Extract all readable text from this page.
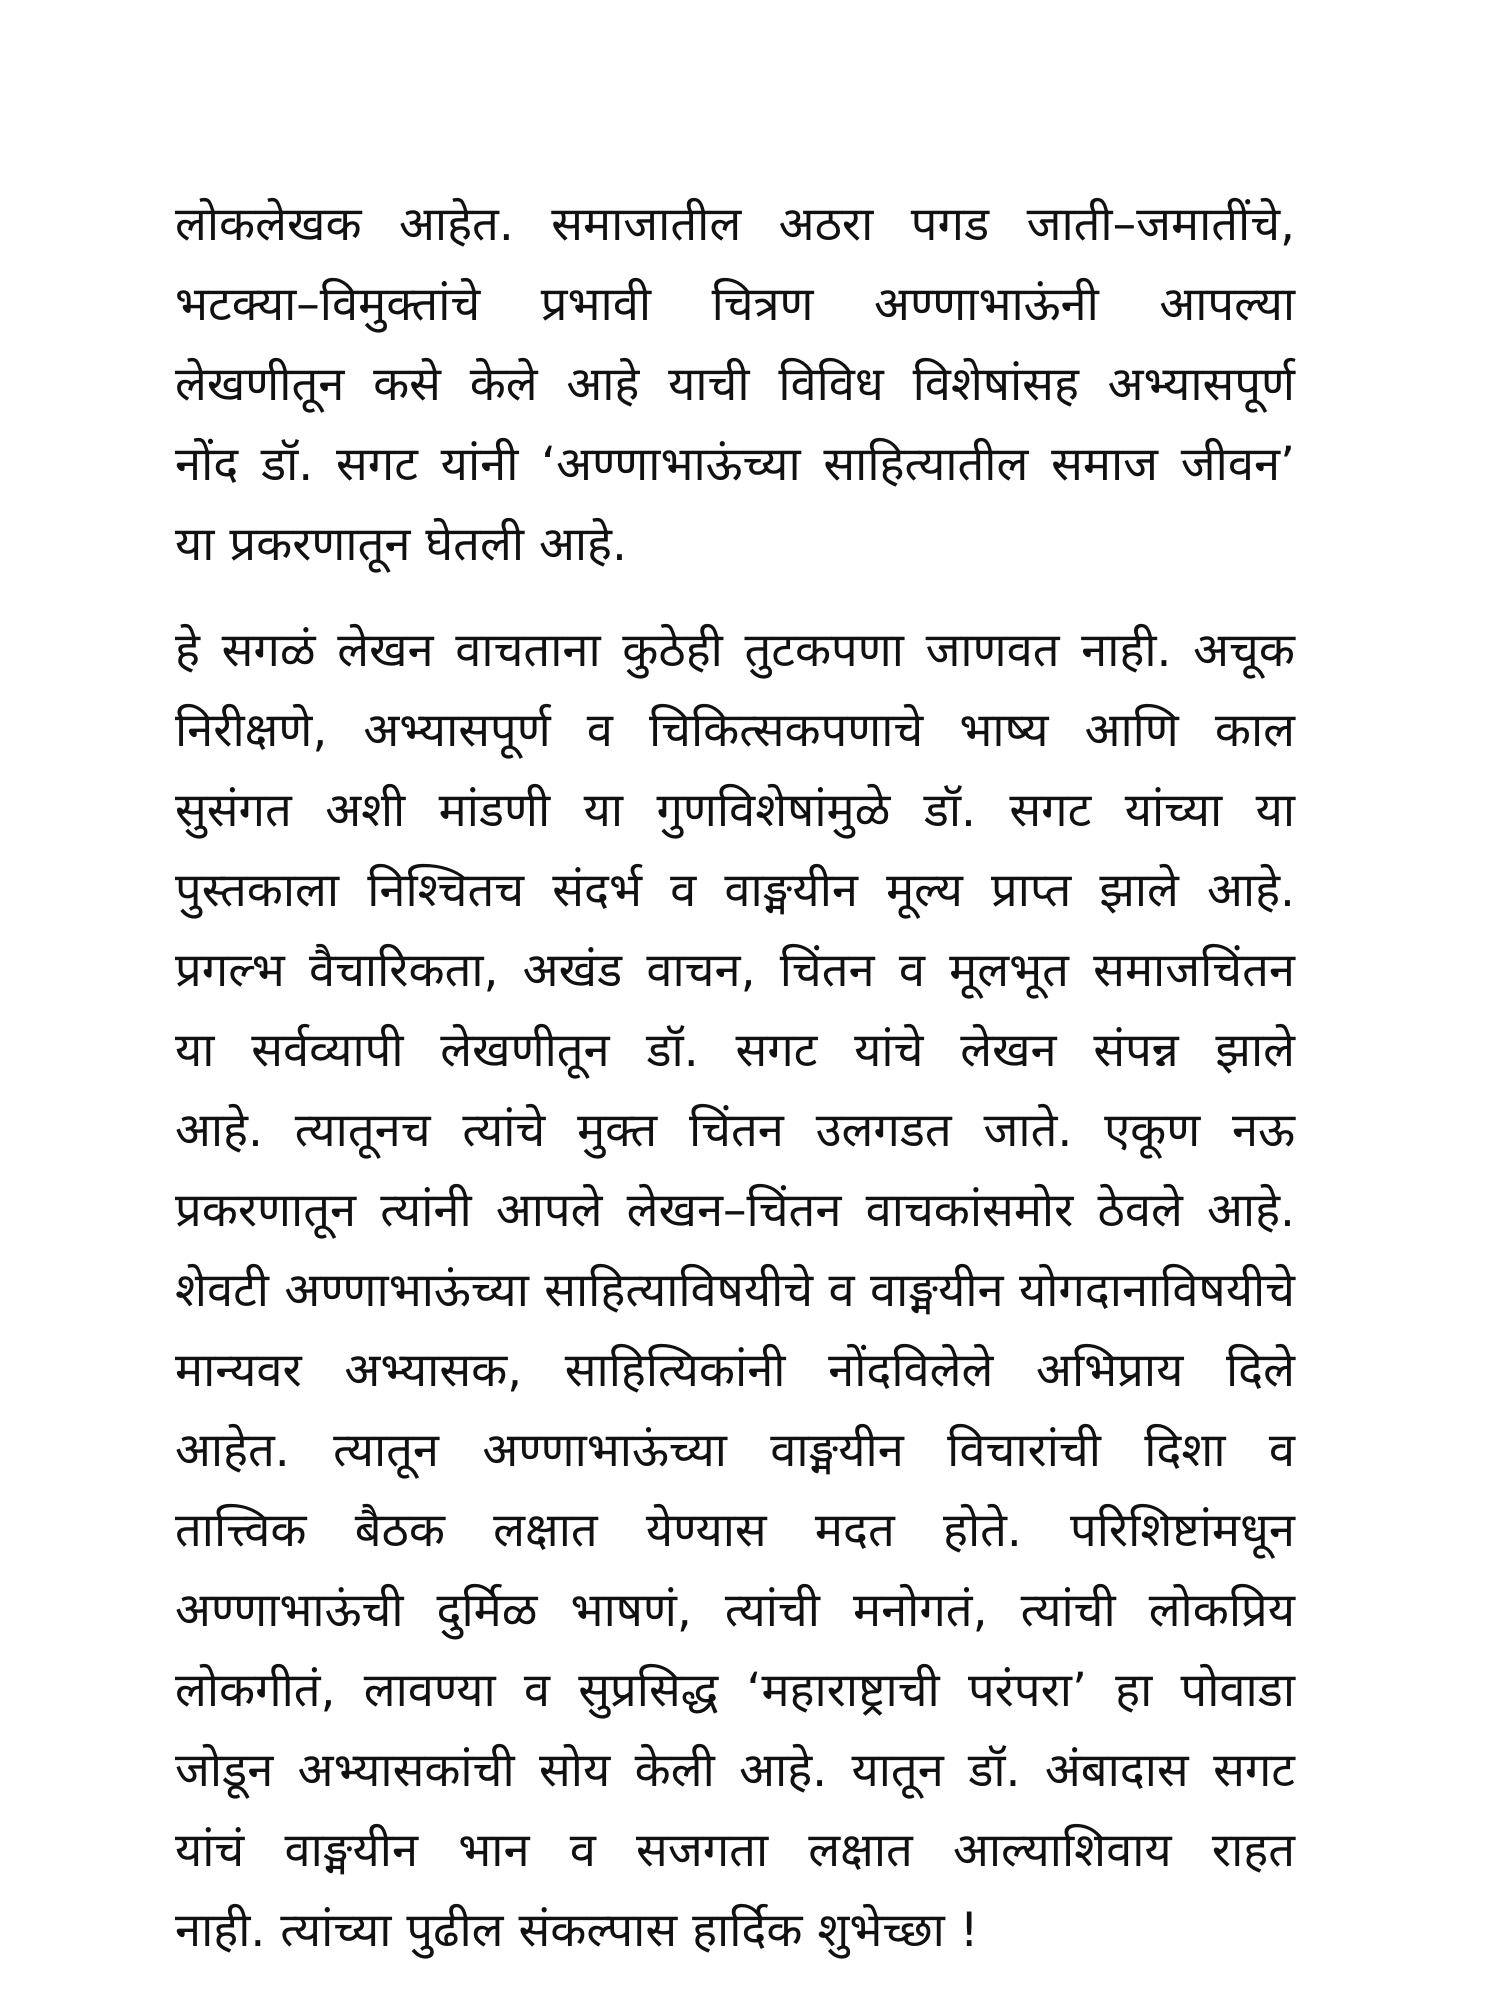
लोकलेखक आहेत. समाजातील अठरा पगड जाती–जमातींचे,
भटक्या–विमुक्तांचे प्रभावी चित्रण अण्णाभाऊंनी आपल्या
लेखणीतून कसे केले आहे याची विविध विशेषांसह अभ्यासपूर्ण
नोंद डॉ. सगट यांनी ‘अण्णाभाऊंच्या साहित्यातील समाज जीवन’
या प्रकरणातून घेतली आहे.

हे सगळं लेखन वाचताना कुठेही तुटकपणा जाणवत नाही. अचूक
निरीक्षणे, अभ्यासपूर्ण व चिकित्सकपणाचे भाष्य आणि काल
सुसंगत अशी मांडणी या गुणविशेषांमुळे डॉ. सगट यांच्या या
पुस्तकाला निश्चितच संदर्भ व वाङ्मयीन मूल्य प्राप्त झाले आहे.
प्रगल्भ वैचारिकता, अखंड वाचन, चिंतन व मूलभूत समाजचिंतन
या सर्वव्यापी लेखणीतून डॉ. सगट यांचे लेखन संपन्न झाले
आहे. त्यातूनच त्यांचे मुक्त चिंतन उलगडत जाते. एकूण नऊ
प्रकरणातून त्यांनी आपले लेखन–चिंतन वाचकांसमोर ठेवले आहे.
शेवटी अण्णाभाऊंच्या साहित्याविषयीचे व वाङ्मयीन योगदानाविषयीचे
मान्यवर अभ्यासक, साहित्यिकांनी नोंदविलेले अभिप्राय दिले
आहेत. त्यातून अण्णाभाऊंच्या वाङ्मयीन विचारांची दिशा व
तात्त्विक बैठक लक्षात येण्यास मदत होते. परिशिष्टांमधून
अण्णाभाऊंची दुर्मिळ भाषणं, त्यांची मनोगतं, त्यांची लोकप्रिय
लोकगीतं, लावण्या व सुप्रसिद्ध ‘महाराष्ट्राची परंपरा’ हा पोवाडा
जोडून अभ्यासकांची सोय केली आहे. यातून डॉ. अंबादास सगट
यांचं वाङ्मयीन भान व सजगता लक्षात आल्याशिवाय राहत
नाही. त्यांच्या पुढील संकल्पास हार्दिक शुभेच्छा !
